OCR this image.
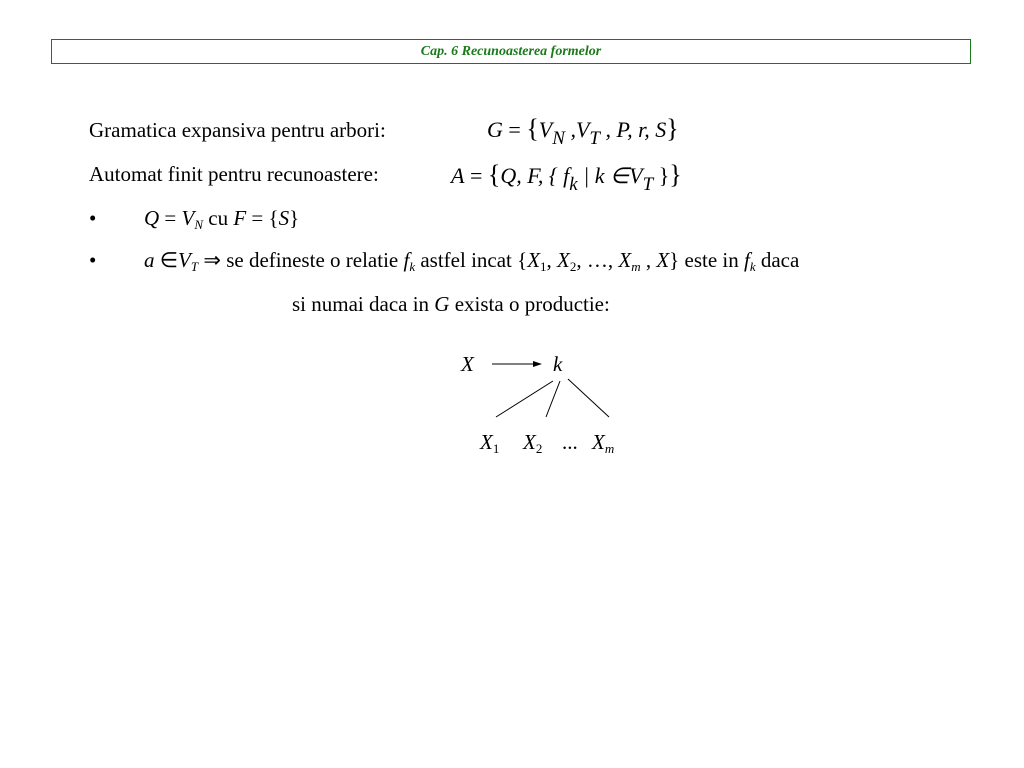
Cap. 6 Recunoasterea formelor
Gramatica expansiva pentru arbori:	G = {VN ,VT , P, r, S}
Automat finit pentru recunoastere:	A = {Q, F, { fk | k ∈VT }}
• $Q = V_N$ cu F = {S}
• a $\in V_T$ ⇒ se defineste o relatie $f_k$ astfel incat {$X_1$, $X_2$, …, $X_m$ , X} este in $f_k$ daca
si numai daca in G exista o productie:
X	k
$X_1$ $X_2$ ... $X_m$
